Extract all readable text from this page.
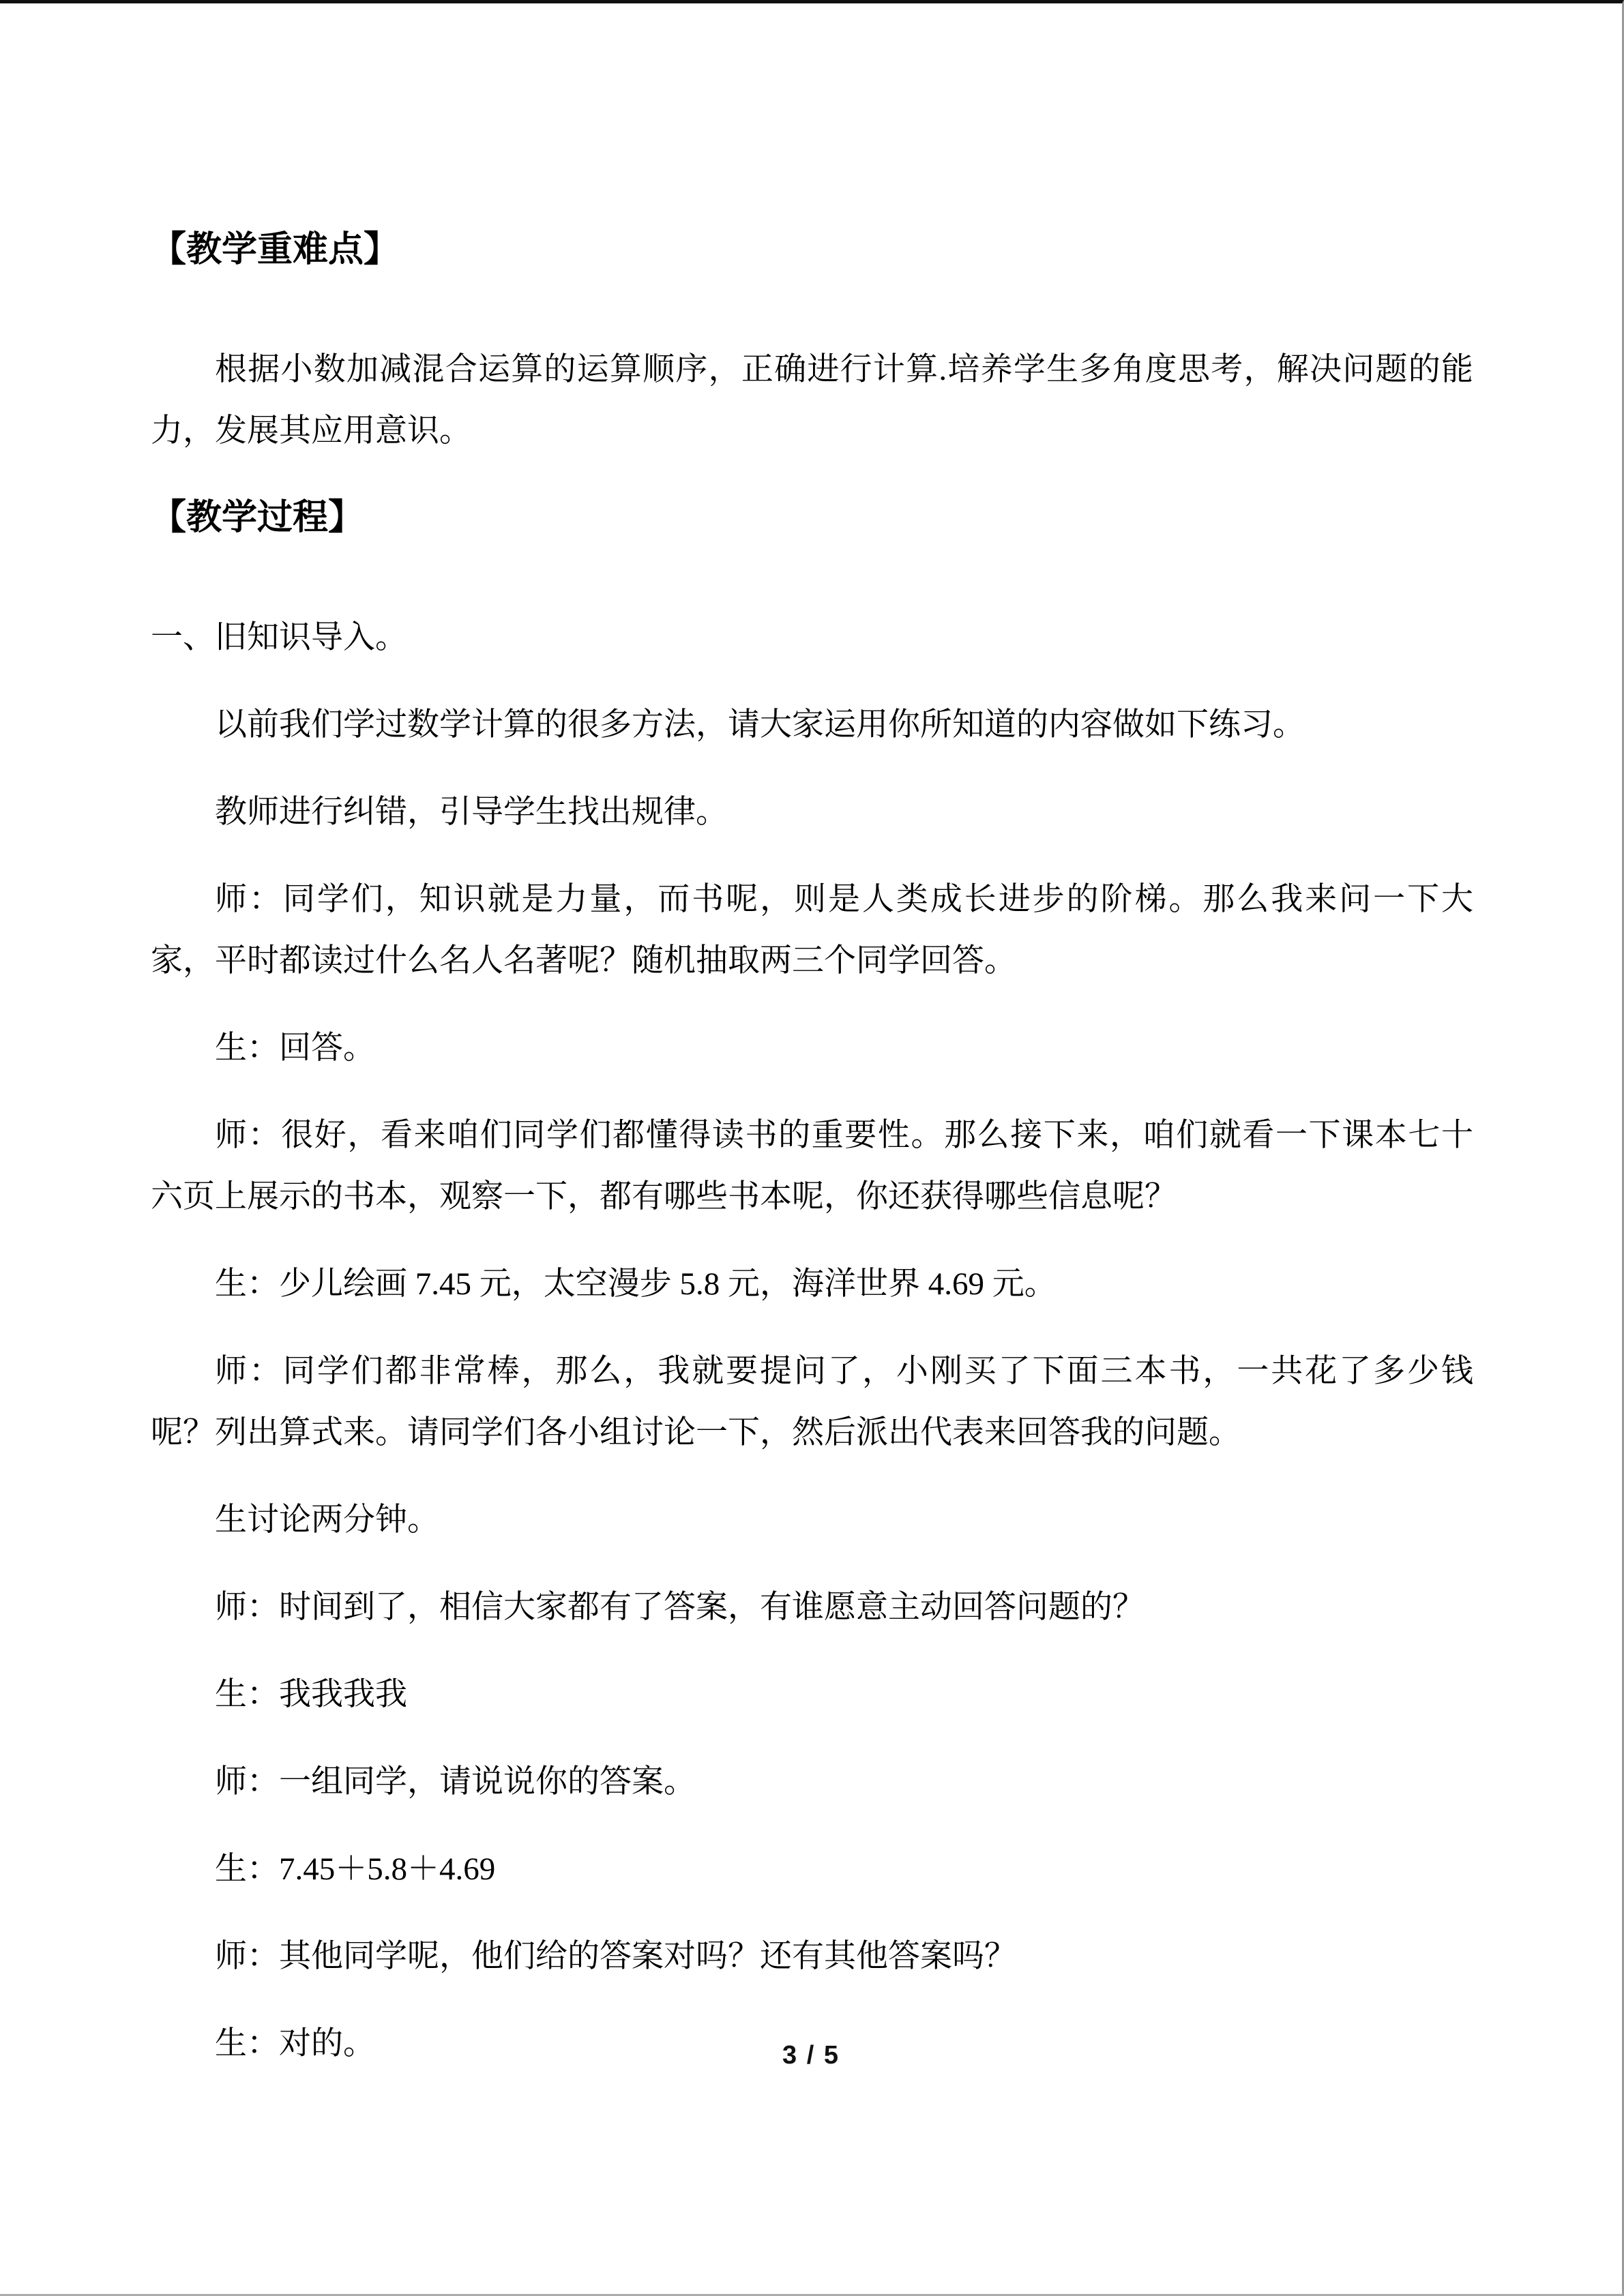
【教学重难点】
根据小数加减混合运算的运算顺序，正确进行计算.培养学生多角度思考，解决问题的能
力，发展其应用意识。
【教学过程】
一、旧知识导入。
以前我们学过数学计算的很多方法，请大家运用你所知道的内容做如下练习。
教师进行纠错，引导学生找出规律。
师：同学们，知识就是力量，而书呢，则是人类成长进步的阶梯。那么我来问一下大
家，平时都读过什么名人名著呢？随机抽取两三个同学回答。
生：回答。
师：很好，看来咱们同学们都懂得读书的重要性。那么接下来，咱们就看一下课本七十
六页上展示的书本，观察一下，都有哪些书本呢，你还获得哪些信息呢？
生：少儿绘画 7.45 元，太空漫步 5.8 元，海洋世界 4.69 元。
师：同学们都非常棒，那么，我就要提问了，小刚买了下面三本书，一共花了多少钱
呢？列出算式来。请同学们各小组讨论一下，然后派出代表来回答我的问题。
生讨论两分钟。
师：时间到了，相信大家都有了答案，有谁愿意主动回答问题的？
生：我我我我
师：一组同学，请说说你的答案。
生：7.45＋5.8＋4.69
师：其他同学呢，他们给的答案对吗？还有其他答案吗？
生：对的。	3 / 5
